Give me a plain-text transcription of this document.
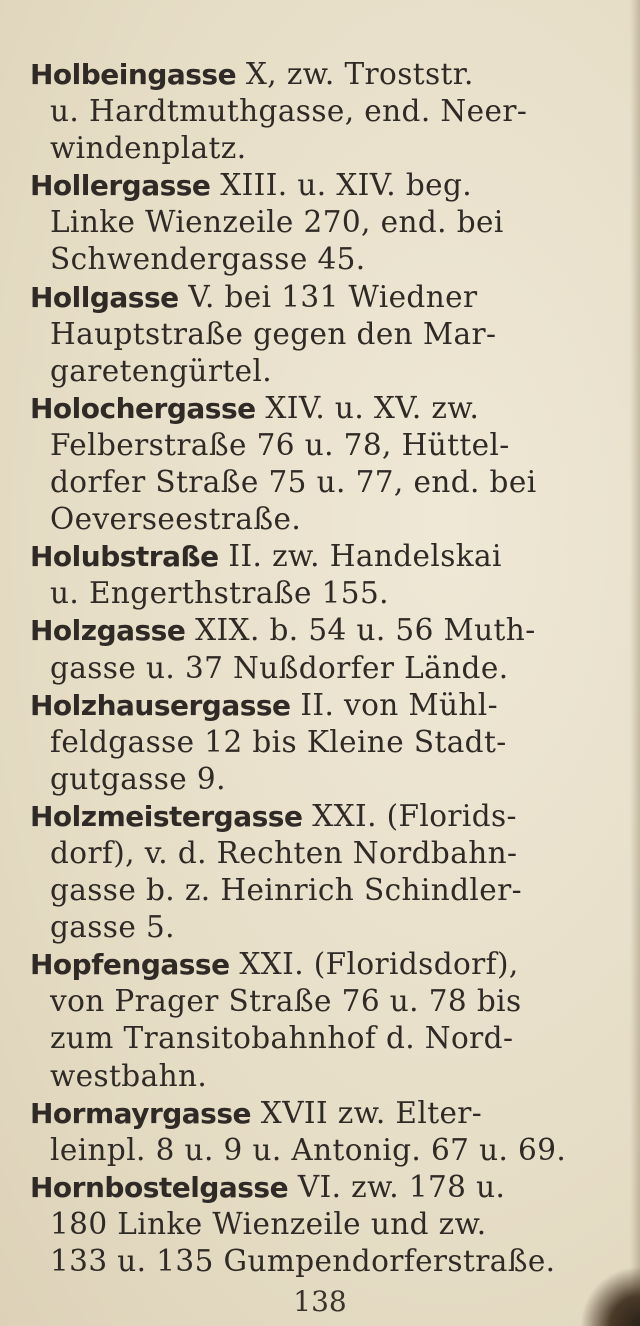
Holbeingasse X, zw. Troststr.
u. Hardtmuthgasse, end. Neer-
windenplatz.
Hollergasse XIII. u. XIV. beg.
Linke Wienzeile 270, end. bei
Schwendergasse 45.
Hollgasse V. bei 131 Wiedner
Hauptstraße gegen den Mar-
garetengürtel.
Holochergasse XIV. u. XV. zw.
Felberstraße 76 u. 78, Hüttel-
dorfer Straße 75 u. 77, end. bei
Oeverseestraße.
Holubstraße II. zw. Handelskai
u. Engerthstraße 155.
Holzgasse XIX. b. 54 u. 56 Muth-
gasse u. 37 Nußdorfer Lände.
Holzhausergasse II. von Mühl-
feldgasse 12 bis Kleine Stadt-
gutgasse 9.
Holzmeistergasse XXI. (Florids-
dorf), v. d. Rechten Nordbahn-
gasse b. z. Heinrich Schindler-
gasse 5.
Hopfengasse XXI. (Floridsdorf),
von Prager Straße 76 u. 78 bis
zum Transitobahnhof d. Nord-
westbahn.
Hormayrgasse XVII zw. Elter-
leinpl. 8 u. 9 u. Antonig. 67 u. 69.
Hornbostelgasse VI. zw. 178 u.
180 Linke Wienzeile und zw.
133 u. 135 Gumpendorferstraße.
138
